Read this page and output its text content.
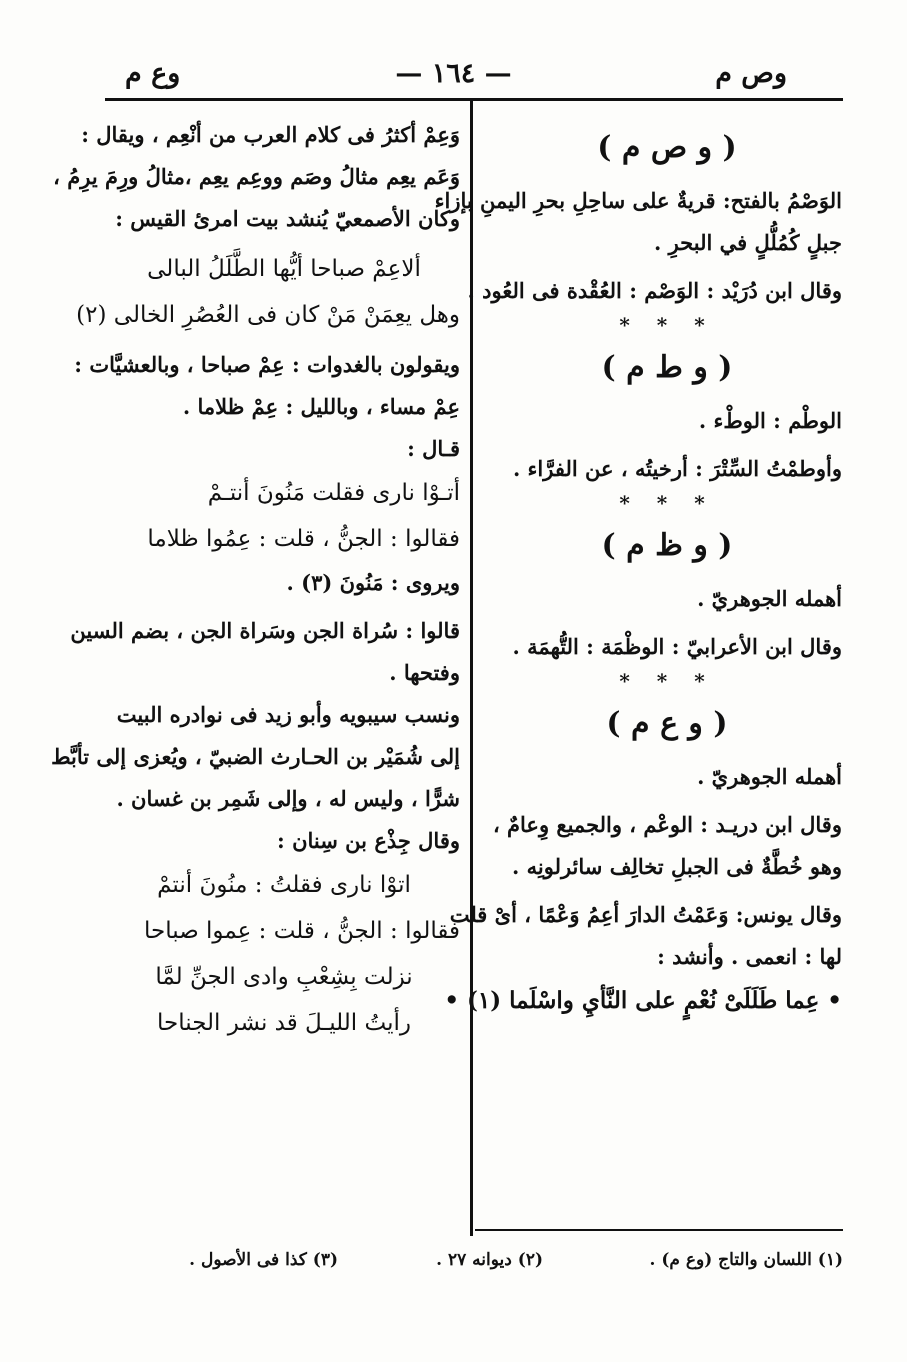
وص م
— ١٦٤ —
وع م
( و ص م )
الوَصْمُ بالفتح: قريةٌ على ساحِلِ بحرِ اليمنِ بإزاء
جبلٍ كُمُلُّلٍ في البحرِ .
وقال ابن دُرَيْد : الوَصْم : العُقْدة فى العُود .
* * *
( و ط م )
الوطْم : الوطْء .
وأوطمْتُ السِّتْرَ : أرخيتُه ، عن الفرَّاء .
* * *
( و ظ م )
أهمله الجوهريّ .
وقال ابن الأعرابيّ : الوظْمَة : التُّهمَة .
* * *
( و ع م )
أهمله الجوهريّ .
وقال ابن دريـد : الوعْم ، والجميع وِعامٌ ،
وهو خُطَّةٌ فى الجبلِ تخالِف سائرلونِه .
وقال يونس: وَعَمْتُ الدارَ أعِمُ وَعْمًا ، أىْ قلت
لها : انعمى . وأنشد :
• عِما طَلَلَىْ نُعْمٍ على النَّأيِ واسْلَما (١) •
وَعِمْ أكثرُ فى كلام العرب من أنْعِم ، ويقال :
وَعَم يعِم مثالُ وصَم ووعِم يعِم ،مثالُ ورِمَ يرِمُ ،
وكان الأصمعيّ يُنشد بيت امرئ القيس :
ألاعِمْ صباحا أيُّها الطَّلَلُ البالى
وهل يعِمَنْ مَنْ كان فى العُصُرِ الخالى (٢)
ويقولون بالغدوات : عِمْ صباحا ، وبالعشيَّات :
عِمْ مساء ، وبالليل : عِمْ ظلاما .
قـال :
أتـوْا نارى فقلت مَنُونَ أنتـمْ
فقالوا : الجنُّ ، قلت : عِمُوا ظلاما
ويروى : مَنُونَ (٣) .
قالوا : سُراة الجن وسَراة الجن ، بضم السين
وفتحها .
ونسب سيبويه وأبو زيد فى نوادره البيت
إلى شُمَيْر بن الحـارث الضبيّ ، ويُعزى إلى تأبَّط
شرًّا ، وليس له ، وإلى شَمِر بن غسان .
وقال جِذْع بن سِنان :
اتوْا نارى فقلتُ : منُونَ أنتمْ
فقالوا : الجنُّ ، قلت : عِموا صباحا
نزلت بِشِعْبِ وادى الجنِّ لمَّا
رأيتُ الليـلَ قد نشر الجناحا
(١) اللسان والتاج (وع م) .
(٢) ديوانه ٢٧ .
(٣) كذا فى الأصول .
